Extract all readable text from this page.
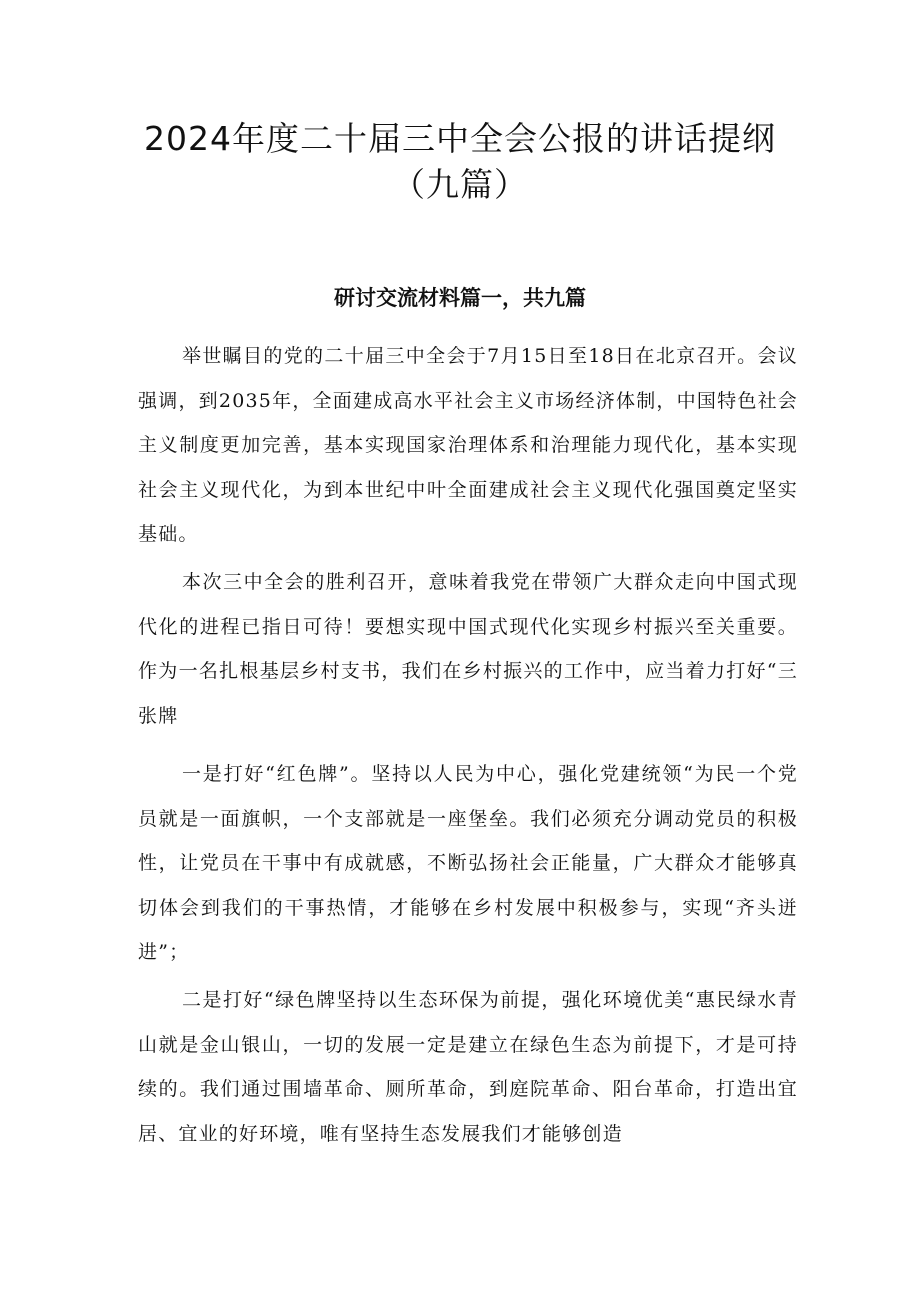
2024年度二十届三中全会公报的讲话提纲
（九篇）
研讨交流材料篇一，共九篇

举世瞩目的党的二十届三中全会于7月15日至18日在北京召开。会议强调，到2035年，全面建成高水平社会主义市场经济体制，中国特色社会主义制度更加完善，基本实现国家治理体系和治理能力现代化，基本实现社会主义现代化，为到本世纪中叶全面建成社会主义现代化强国奠定坚实基础。

本次三中全会的胜利召开，意味着我党在带领广大群众走向中国式现代化的进程已指日可待！要想实现中国式现代化实现乡村振兴至关重要。作为一名扎根基层乡村支书，我们在乡村振兴的工作中，应当着力打好“三张牌

一是打好“红色牌”。坚持以人民为中心，强化党建统领“为民一个党员就是一面旗帜，一个支部就是一座堡垒。我们必须充分调动党员的积极性，让党员在干事中有成就感，不断弘扬社会正能量，广大群众才能够真切体会到我们的干事热情，才能够在乡村发展中积极参与，实现“齐头迸进”；

二是打好“绿色牌坚持以生态环保为前提，强化环境优美“惠民绿水青山就是金山银山，一切的发展一定是建立在绿色生态为前提下，才是可持续的。我们通过围墙革命、厕所革命，到庭院革命、阳台革命，打造出宜居、宜业的好环境，唯有坚持生态发展我们才能够创造
